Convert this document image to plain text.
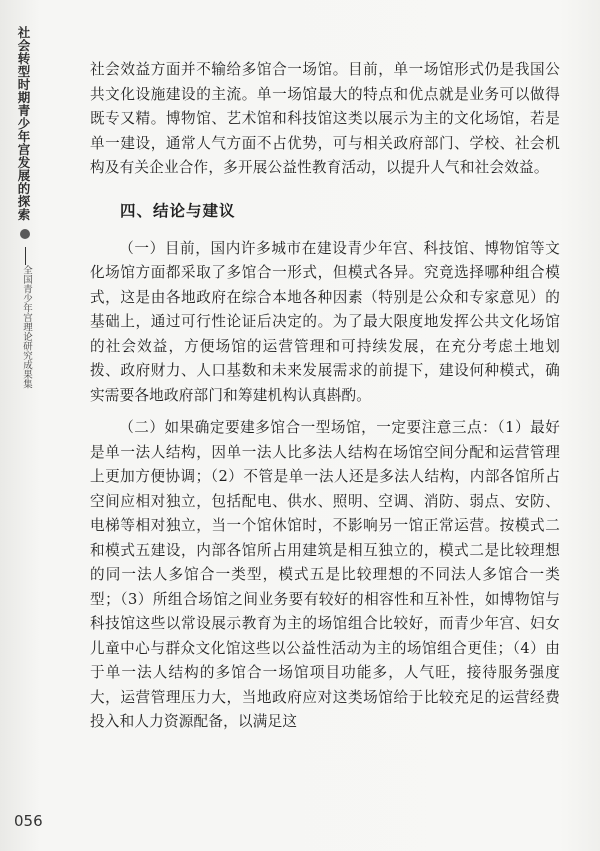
社会转型时期青少年宫发展的探索
全国青少年宫理论研究成果集

社会效益方面并不输给多馆合一场馆。目前，单一场馆形式仍是我国公共文化设施建设的主流。单一场馆最大的特点和优点就是业务可以做得既专又精。博物馆、艺术馆和科技馆这类以展示为主的文化场馆，若是单一建设，通常人气方面不占优势，可与相关政府部门、学校、社会机构及有关企业合作，多开展公益性教育活动，以提升人气和社会效益。

四、结论与建议

（一）目前，国内许多城市在建设青少年宫、科技馆、博物馆等文化场馆方面都采取了多馆合一形式，但模式各异。究竟选择哪种组合模式，这是由各地政府在综合本地各种因素（特别是公众和专家意见）的基础上，通过可行性论证后决定的。为了最大限度地发挥公共文化场馆的社会效益，方便场馆的运营管理和可持续发展，在充分考虑土地划拨、政府财力、人口基数和未来发展需求的前提下，建设何种模式，确实需要各地政府部门和筹建机构认真斟酌。

（二）如果确定要建多馆合一型场馆，一定要注意三点：（1）最好是单一法人结构，因单一法人比多法人结构在场馆空间分配和运营管理上更加方便协调；（2）不管是单一法人还是多法人结构，内部各馆所占空间应相对独立，包括配电、供水、照明、空调、消防、弱点、安防、电梯等相对独立，当一个馆休馆时，不影响另一馆正常运营。按模式二和模式五建设，内部各馆所占用建筑是相互独立的，模式二是比较理想的同一法人多馆合一类型，模式五是比较理想的不同法人多馆合一类型；（3）所组合场馆之间业务要有较好的相容性和互补性，如博物馆与科技馆这些以常设展示教育为主的场馆组合比较好，而青少年宫、妇女儿童中心与群众文化馆这些以公益性活动为主的场馆组合更佳；（4）由于单一法人结构的多馆合一场馆项目功能多，人气旺，接待服务强度大，运营管理压力大，当地政府应对这类场馆给于比较充足的运营经费投入和人力资源配备，以满足这

056
